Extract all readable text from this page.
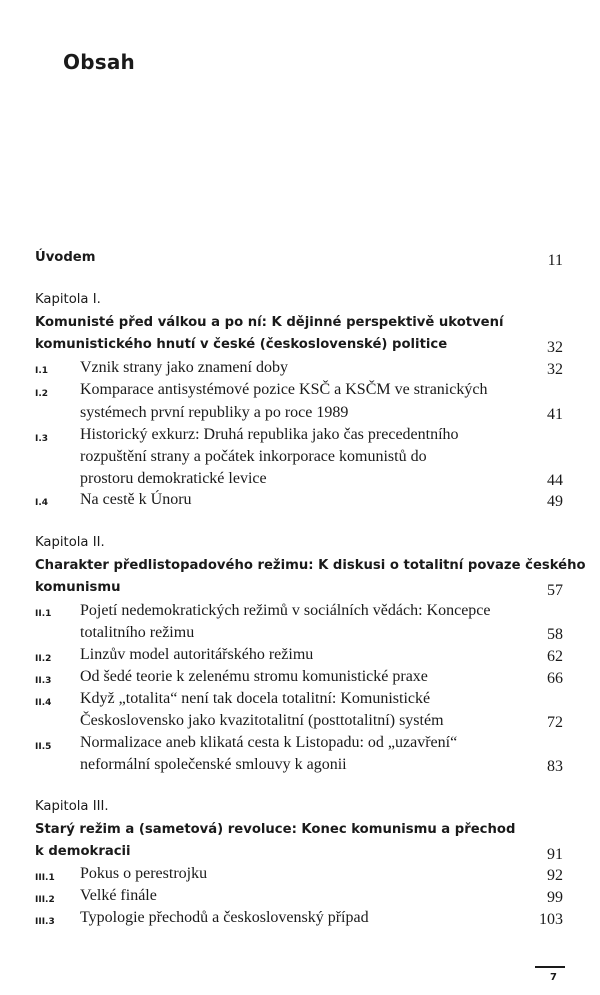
Obsah
Úvodem	11
Kapitola I.
Komunisté před válkou a po ní: K dějinné perspektivě ukotvení
komunistického hnutí v české (československé) politice	32
I.1 Vznik strany jako znamení doby	32
I.2 Komparace antisystémové pozice KSČ a KSČM ve stranických
systémech první republiky a po roce 1989	41
I.3 Historický exkurz: Druhá republika jako čas precedentního
rozpuštění strany a počátek inkorporace komunistů do
prostoru demokratické levice	44
I.4 Na cestě k Únoru	49
Kapitola II.
Charakter předlistopadového režimu: K diskusi o totalitní povaze českého
komunismu	57
II.1 Pojetí nedemokratických režimů v sociálních vědách: Koncepce
totalitního režimu	58
II.2 Linzův model autoritářského režimu	62
II.3 Od šedé teorie k zelenému stromu komunistické praxe	66
II.4 Když „totalita“ není tak docela totalitní: Komunistické
Československo jako kvazitotalitní (posttotalitní) systém	72
II.5 Normalizace aneb klikatá cesta k Listopadu: od „uzavření“
neformální společenské smlouvy k agonii	83
Kapitola III.
Starý režim a (sametová) revoluce: Konec komunismu a přechod
k demokracii	91
III.1 Pokus o perestrojku	92
III.2 Velké finále	99
III.3 Typologie přechodů a československý případ	103
7
